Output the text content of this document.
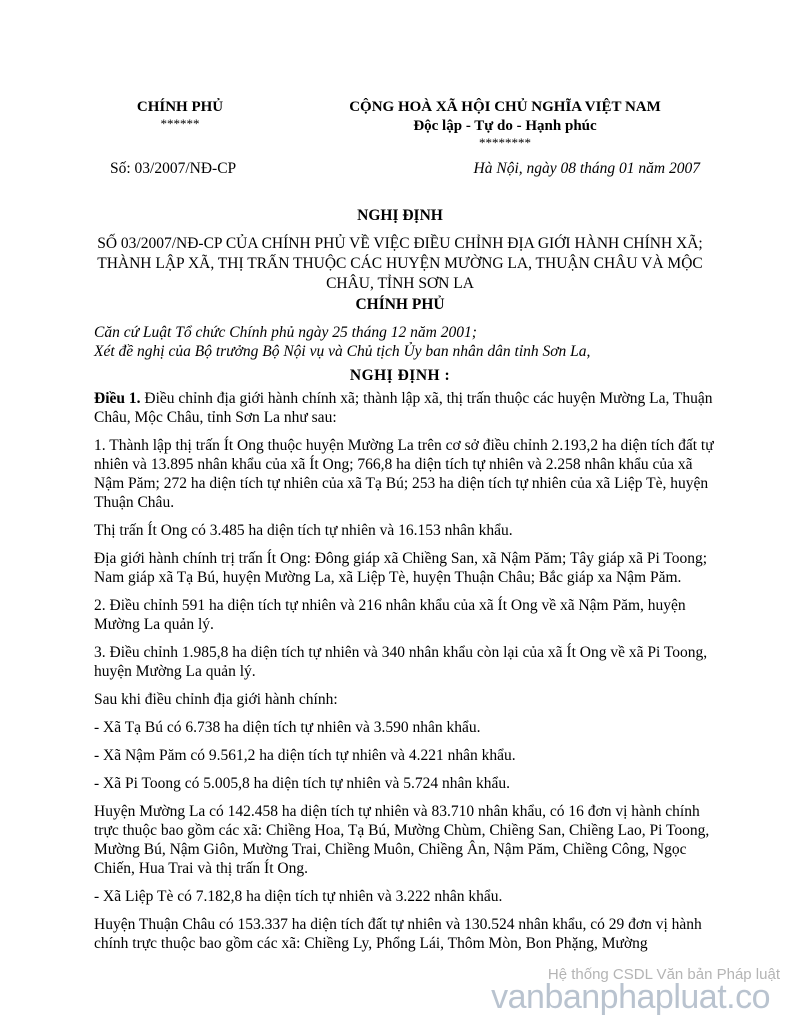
CHÍNH PHỦ
******
CỘNG HOÀ XÃ HỘI CHỦ NGHĨA VIỆT NAM
Độc lập - Tự do - Hạnh phúc
********
Số: 03/2007/NĐ-CP	Hà Nội, ngày 08 tháng 01 năm 2007
NGHỊ ĐỊNH
SỐ 03/2007/NĐ-CP CỦA CHÍNH PHỦ VỀ VIỆC ĐIỀU CHỈNH ĐỊA GIỚI HÀNH CHÍNH XÃ; THÀNH LẬP XÃ, THỊ TRẤN THUỘC CÁC HUYỆN MƯỜNG LA, THUẬN CHÂU VÀ MỘC CHÂU, TỈNH SƠN LA
CHÍNH PHỦ
Căn cứ Luật Tổ chức Chính phủ ngày 25 tháng 12 năm 2001;
Xét đề nghị của Bộ trưởng Bộ Nội vụ và Chủ tịch Ủy ban nhân dân tỉnh Sơn La,
NGHỊ ĐỊNH :

Điều 1. Điều chỉnh địa giới hành chính xã; thành lập xã, thị trấn thuộc các huyện Mường La, Thuận Châu, Mộc Châu, tỉnh Sơn La như sau:

1. Thành lập thị trấn Ít Ong thuộc huyện Mường La trên cơ sở điều chỉnh 2.193,2 ha diện tích đất tự nhiên và 13.895 nhân khẩu của xã Ít Ong; 766,8 ha diện tích tự nhiên và 2.258 nhân khẩu của xã Nậm Păm; 272 ha diện tích tự nhiên của xã Tạ Bú; 253 ha diện tích tự nhiên của xã Liệp Tè, huyện Thuận Châu.

Thị trấn Ít Ong có 3.485 ha diện tích tự nhiên và 16.153 nhân khẩu.

Địa giới hành chính trị trấn Ít Ong: Đông giáp xã Chiềng San, xã Nậm Păm; Tây giáp xã Pi Toong; Nam giáp xã Tạ Bú, huyện Mường La, xã Liệp Tè, huyện Thuận Châu; Bắc giáp xa Nậm Păm.

2. Điều chỉnh 591 ha diện tích tự nhiên và 216 nhân khẩu của xã Ít Ong về xã Nậm Păm, huyện Mường La quản lý.

3. Điều chỉnh 1.985,8 ha diện tích tự nhiên và 340 nhân khẩu còn lại của xã Ít Ong về xã Pi Toong, huyện Mường La quản lý.

Sau khi điều chỉnh địa giới hành chính:

- Xã Tạ Bú có 6.738 ha diện tích tự nhiên và 3.590 nhân khẩu.

- Xã Nậm Păm có 9.561,2 ha diện tích tự nhiên và 4.221 nhân khẩu.

- Xã Pi Toong có 5.005,8 ha diện tích tự nhiên và 5.724 nhân khẩu.

Huyện Mường La có 142.458 ha diện tích tự nhiên và 83.710 nhân khẩu, có 16 đơn vị hành chính trực thuộc bao gồm các xã: Chiềng Hoa, Tạ Bú, Mường Chùm, Chiềng San, Chiềng Lao, Pi Toong, Mường Bú, Nậm Giôn, Mường Trai, Chiềng Muôn, Chiềng Ân, Nậm Păm, Chiềng Công, Ngọc Chiến, Hua Trai và thị trấn Ít Ong.

- Xã Liệp Tè có 7.182,8 ha diện tích tự nhiên và 3.222 nhân khẩu.

Huyện Thuận Châu có 153.337 ha diện tích đất tự nhiên và 130.524 nhân khẩu, có 29 đơn vị hành chính trực thuộc bao gồm các xã: Chiềng Ly, Phổng Lái, Thôm Mòn, Bon Phặng, Mường

Hệ thống CSDL Văn bản Pháp luật
vanbanphapluat.co
